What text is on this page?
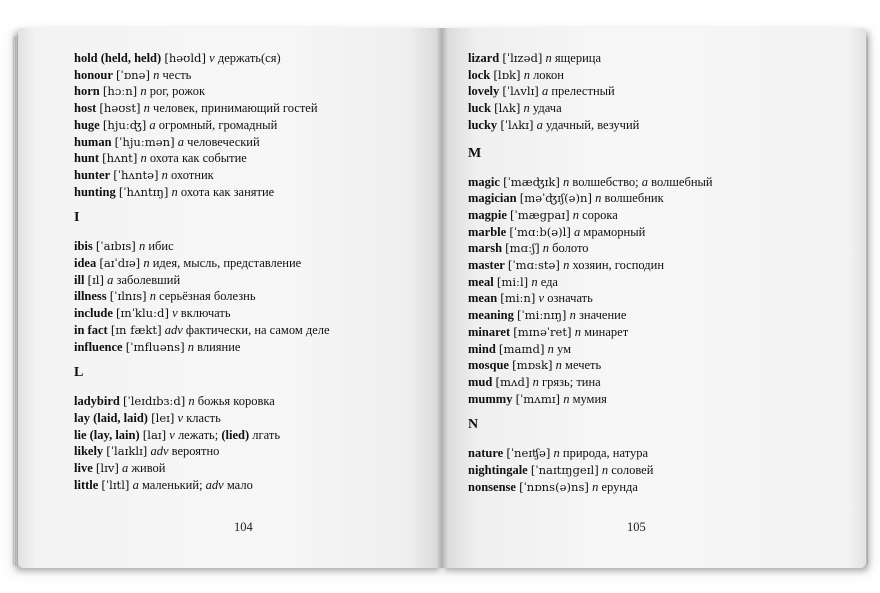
hold (held, held) [həʊld] v держать(ся)
honour [ˈɒnə] n честь
horn [hɔːn] n рог, рожок
host [həʊst] n человек, принимающий гостей
huge [hjuːʤ] a огромный, громадный
human [ˈhjuːmən] a человеческий
hunt [hʌnt] n охота как событие
hunter [ˈhʌntə] n охотник
hunting [ˈhʌntɪŋ] n охота как занятие
I
ibis [ˈaɪbɪs] n ибис
idea [aɪˈdɪə] n идея, мысль, представление
ill [ɪl] a заболевший
illness [ˈɪlnɪs] n серьёзная болезнь
include [ɪnˈkluːd] v включать
in fact [ɪn fækt] adv фактически, на самом деле
influence [ˈɪnfluəns] n влияние
L
ladybird [ˈleɪdɪbɜːd] n божья коровка
lay (laid, laid) [leɪ] v класть
lie (lay, lain) [laɪ] v лежать; (lied) лгать
likely [ˈlaɪklɪ] adv вероятно
live [lɪv] a живой
little [ˈlɪtl] a маленький; adv мало
lizard [ˈlɪzəd] n ящерица
lock [lɒk] n локон
lovely [ˈlʌvlɪ] a прелестный
luck [lʌk] n удача
lucky [ˈlʌkɪ] a удачный, везучий
M
magic [ˈmæʤɪk] n волшебство; a волшебный
magician [məˈʤɪʃ(ə)n] n волшебник
magpie [ˈmægpaɪ] n сорока
marble [ˈmɑːb(ə)l] a мраморный
marsh [mɑːʃ] n болото
master [ˈmɑːstə] n хозяин, господин
meal [miːl] n еда
mean [miːn] v означать
meaning [ˈmiːnɪŋ] n значение
minaret [mɪnəˈret] n минарет
mind [maɪnd] n ум
mosque [mɒsk] n мечеть
mud [mʌd] n грязь; тина
mummy [ˈmʌmɪ] n мумия
N
nature [ˈneɪʧə] n природа, натура
nightingale [ˈnaɪtɪŋgeɪl] n соловей
nonsense [ˈnɒns(ə)ns] n ерунда
104	105
